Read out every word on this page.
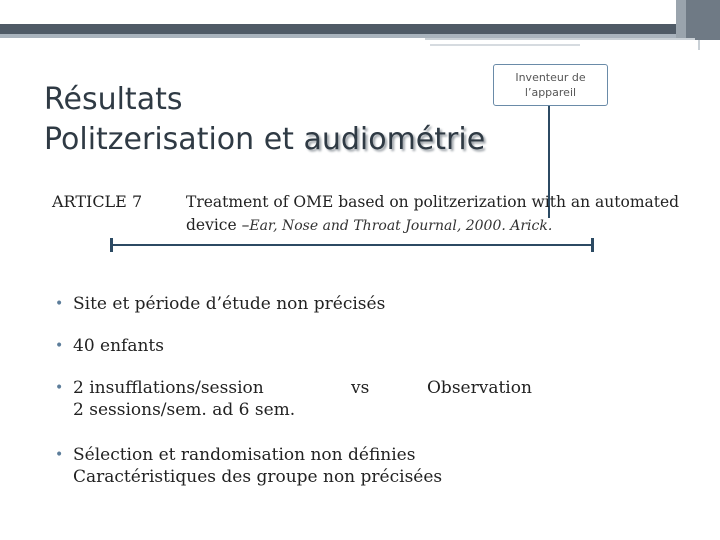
Résultats
Politzerisation et audiométrie
Inventeur de
l’appareil
ARTICLE 7	Treatment of OME based on politzerization with an automated
device –Ear, Nose and Throat Journal, 2000. Arick.
• Site et période d’étude non précisés
• 40 enfants
• 2 insufflations/session	vs	Observation

2 sessions/sem. ad 6 sem.
• Sélection et randomisation non définies
Caractéristiques des groupe non précisées
